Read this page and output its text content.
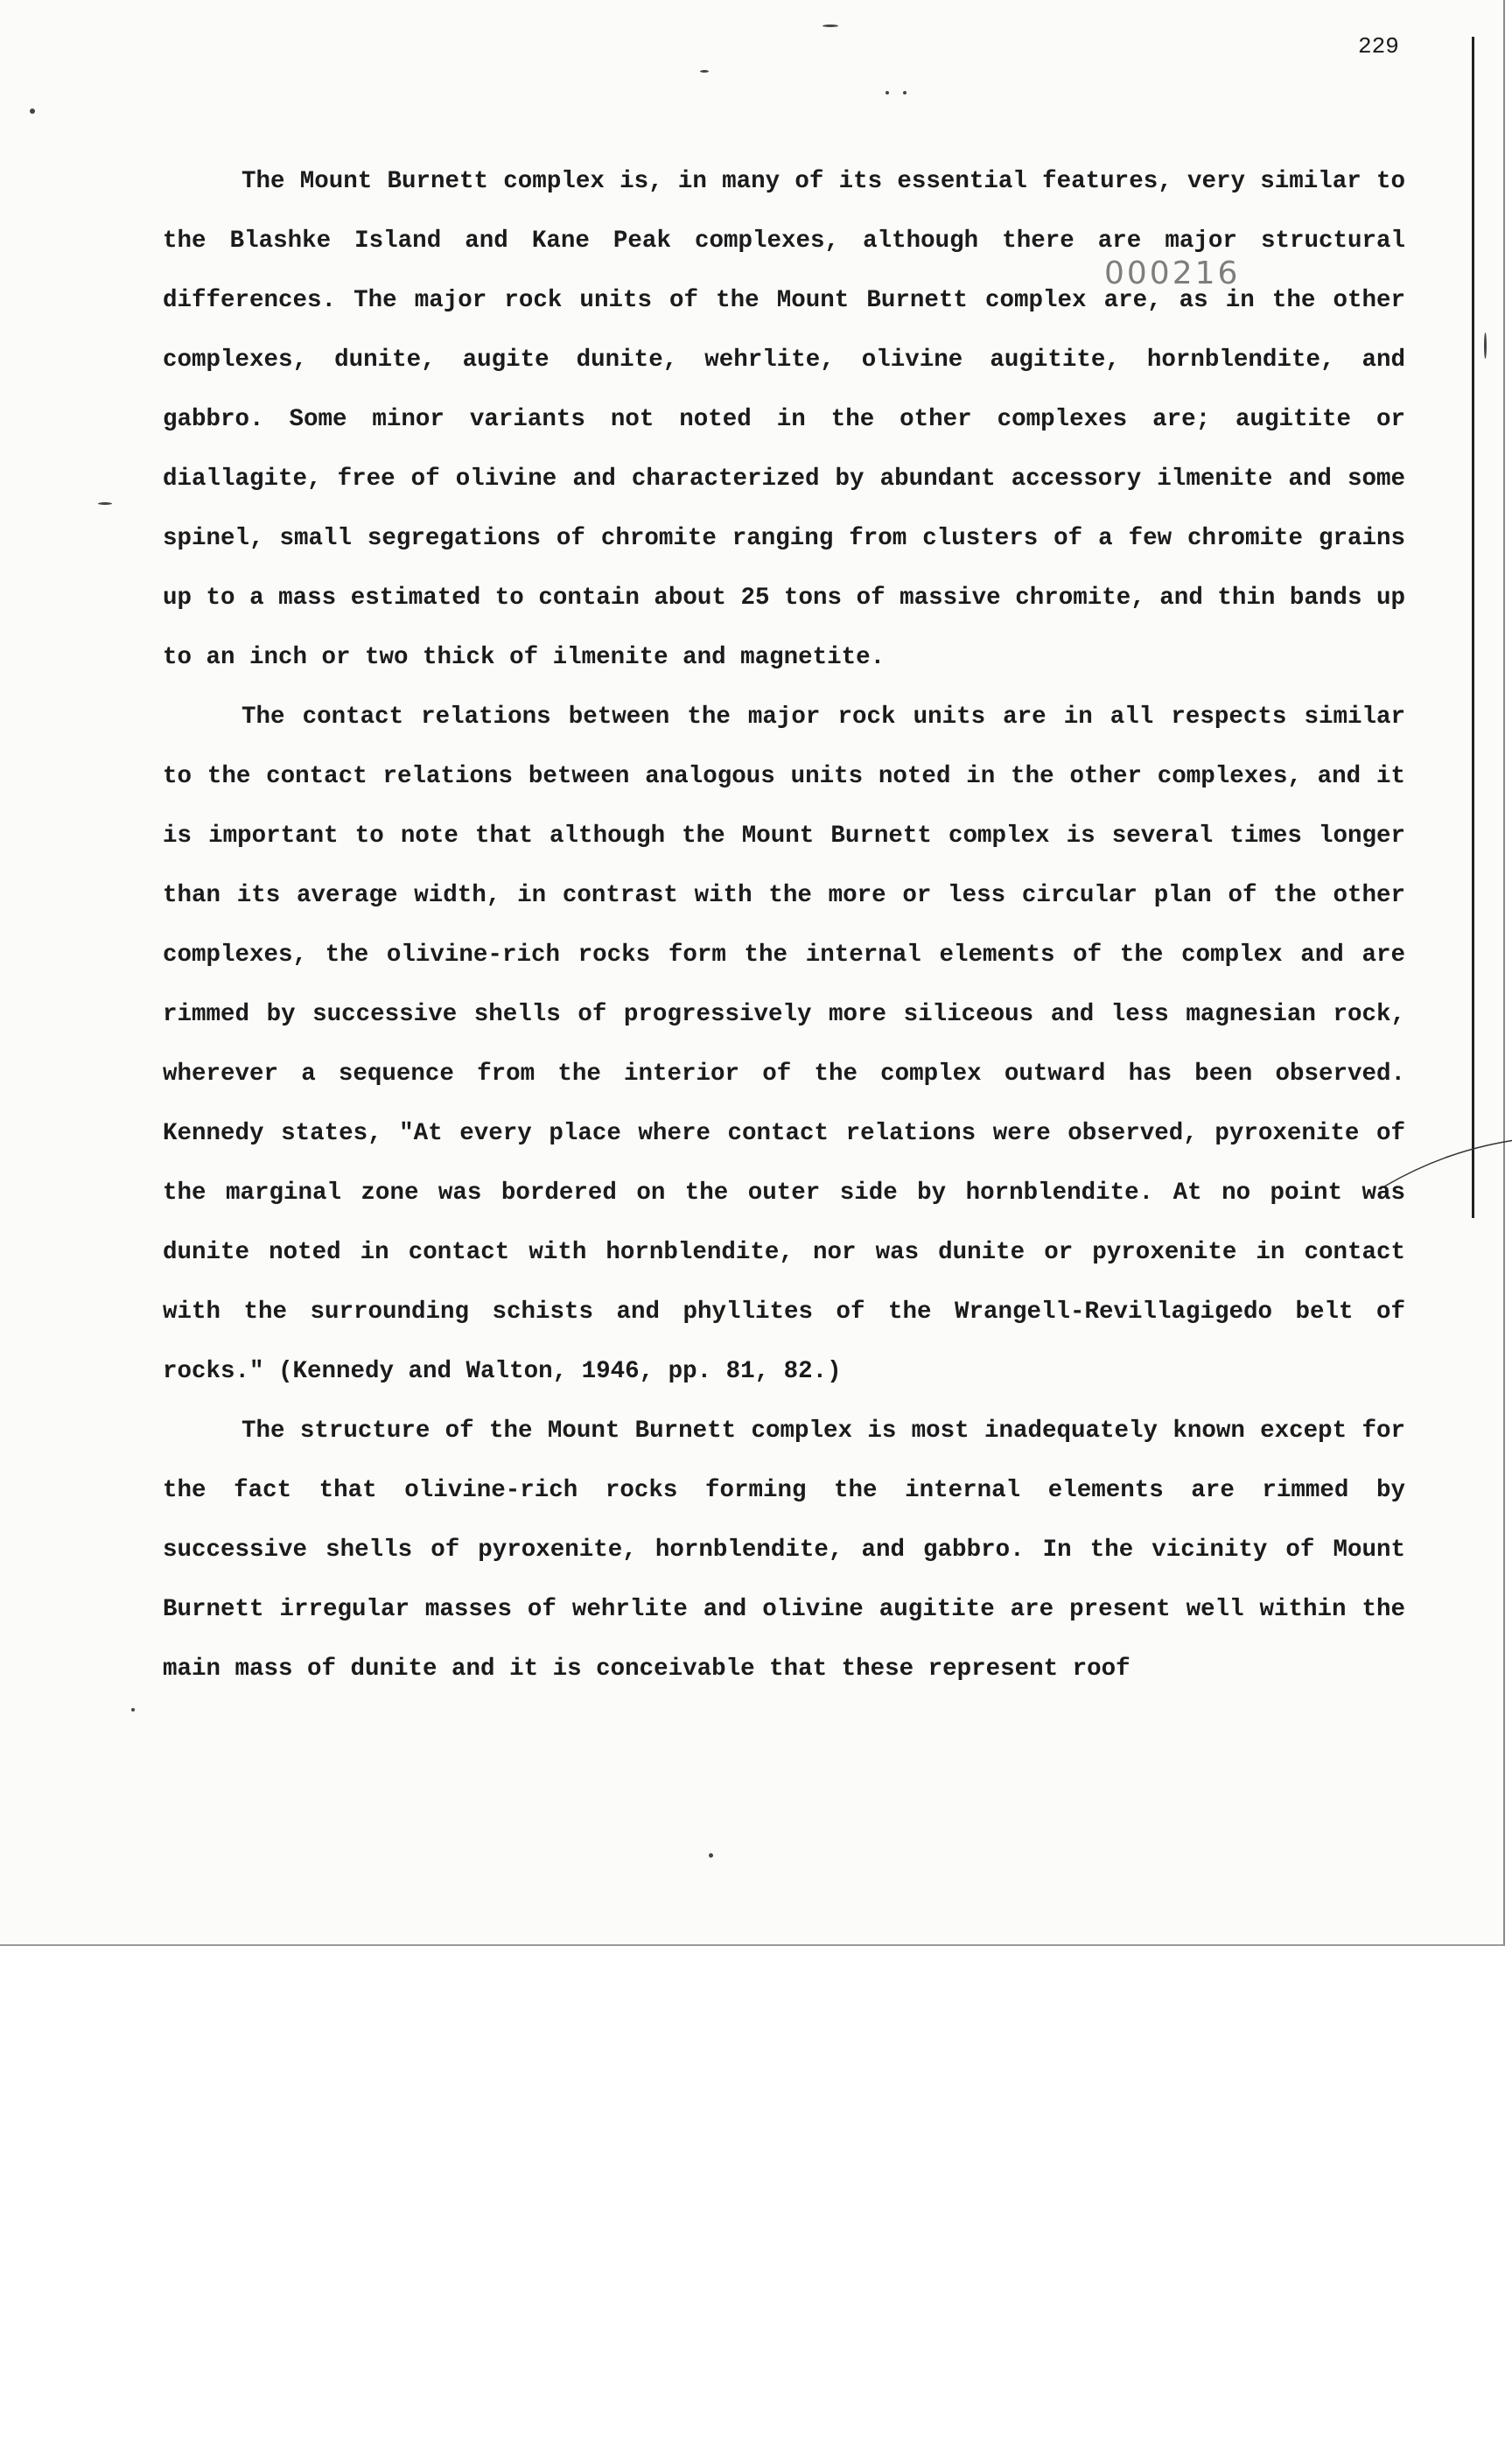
229
000216

The Mount Burnett complex is, in many of its essential features, very similar to the Blashke Island and Kane Peak complexes, although there are major structural differences. The major rock units of the Mount Burnett complex are, as in the other complexes, dunite, augite dunite, wehrlite, olivine augitite, hornblendite, and gabbro. Some minor variants not noted in the other complexes are; augitite or diallagite, free of olivine and characterized by abundant accessory ilmenite and some spinel, small segregations of chromite ranging from clusters of a few chromite grains up to a mass estimated to contain about 25 tons of massive chromite, and thin bands up to an inch or two thick of ilmenite and magnetite.

The contact relations between the major rock units are in all respects similar to the contact relations between analogous units noted in the other complexes, and it is important to note that although the Mount Burnett complex is several times longer than its average width, in contrast with the more or less circular plan of the other complexes, the olivine-rich rocks form the internal elements of the complex and are rimmed by successive shells of progressively more siliceous and less magnesian rock, wherever a sequence from the interior of the complex outward has been observed. Kennedy states, "At every place where contact relations were observed, pyroxenite of the marginal zone was bordered on the outer side by hornblendite. At no point was dunite noted in contact with hornblendite, nor was dunite or pyroxenite in contact with the surrounding schists and phyllites of the Wrangell-Revillagigedo belt of rocks." (Kennedy and Walton, 1946, pp. 81, 82.)

The structure of the Mount Burnett complex is most inadequately known except for the fact that olivine-rich rocks forming the internal elements are rimmed by successive shells of pyroxenite, hornblendite, and gabbro. In the vicinity of Mount Burnett irregular masses of wehrlite and olivine augitite are present well within the main mass of dunite and it is conceivable that these represent roof
